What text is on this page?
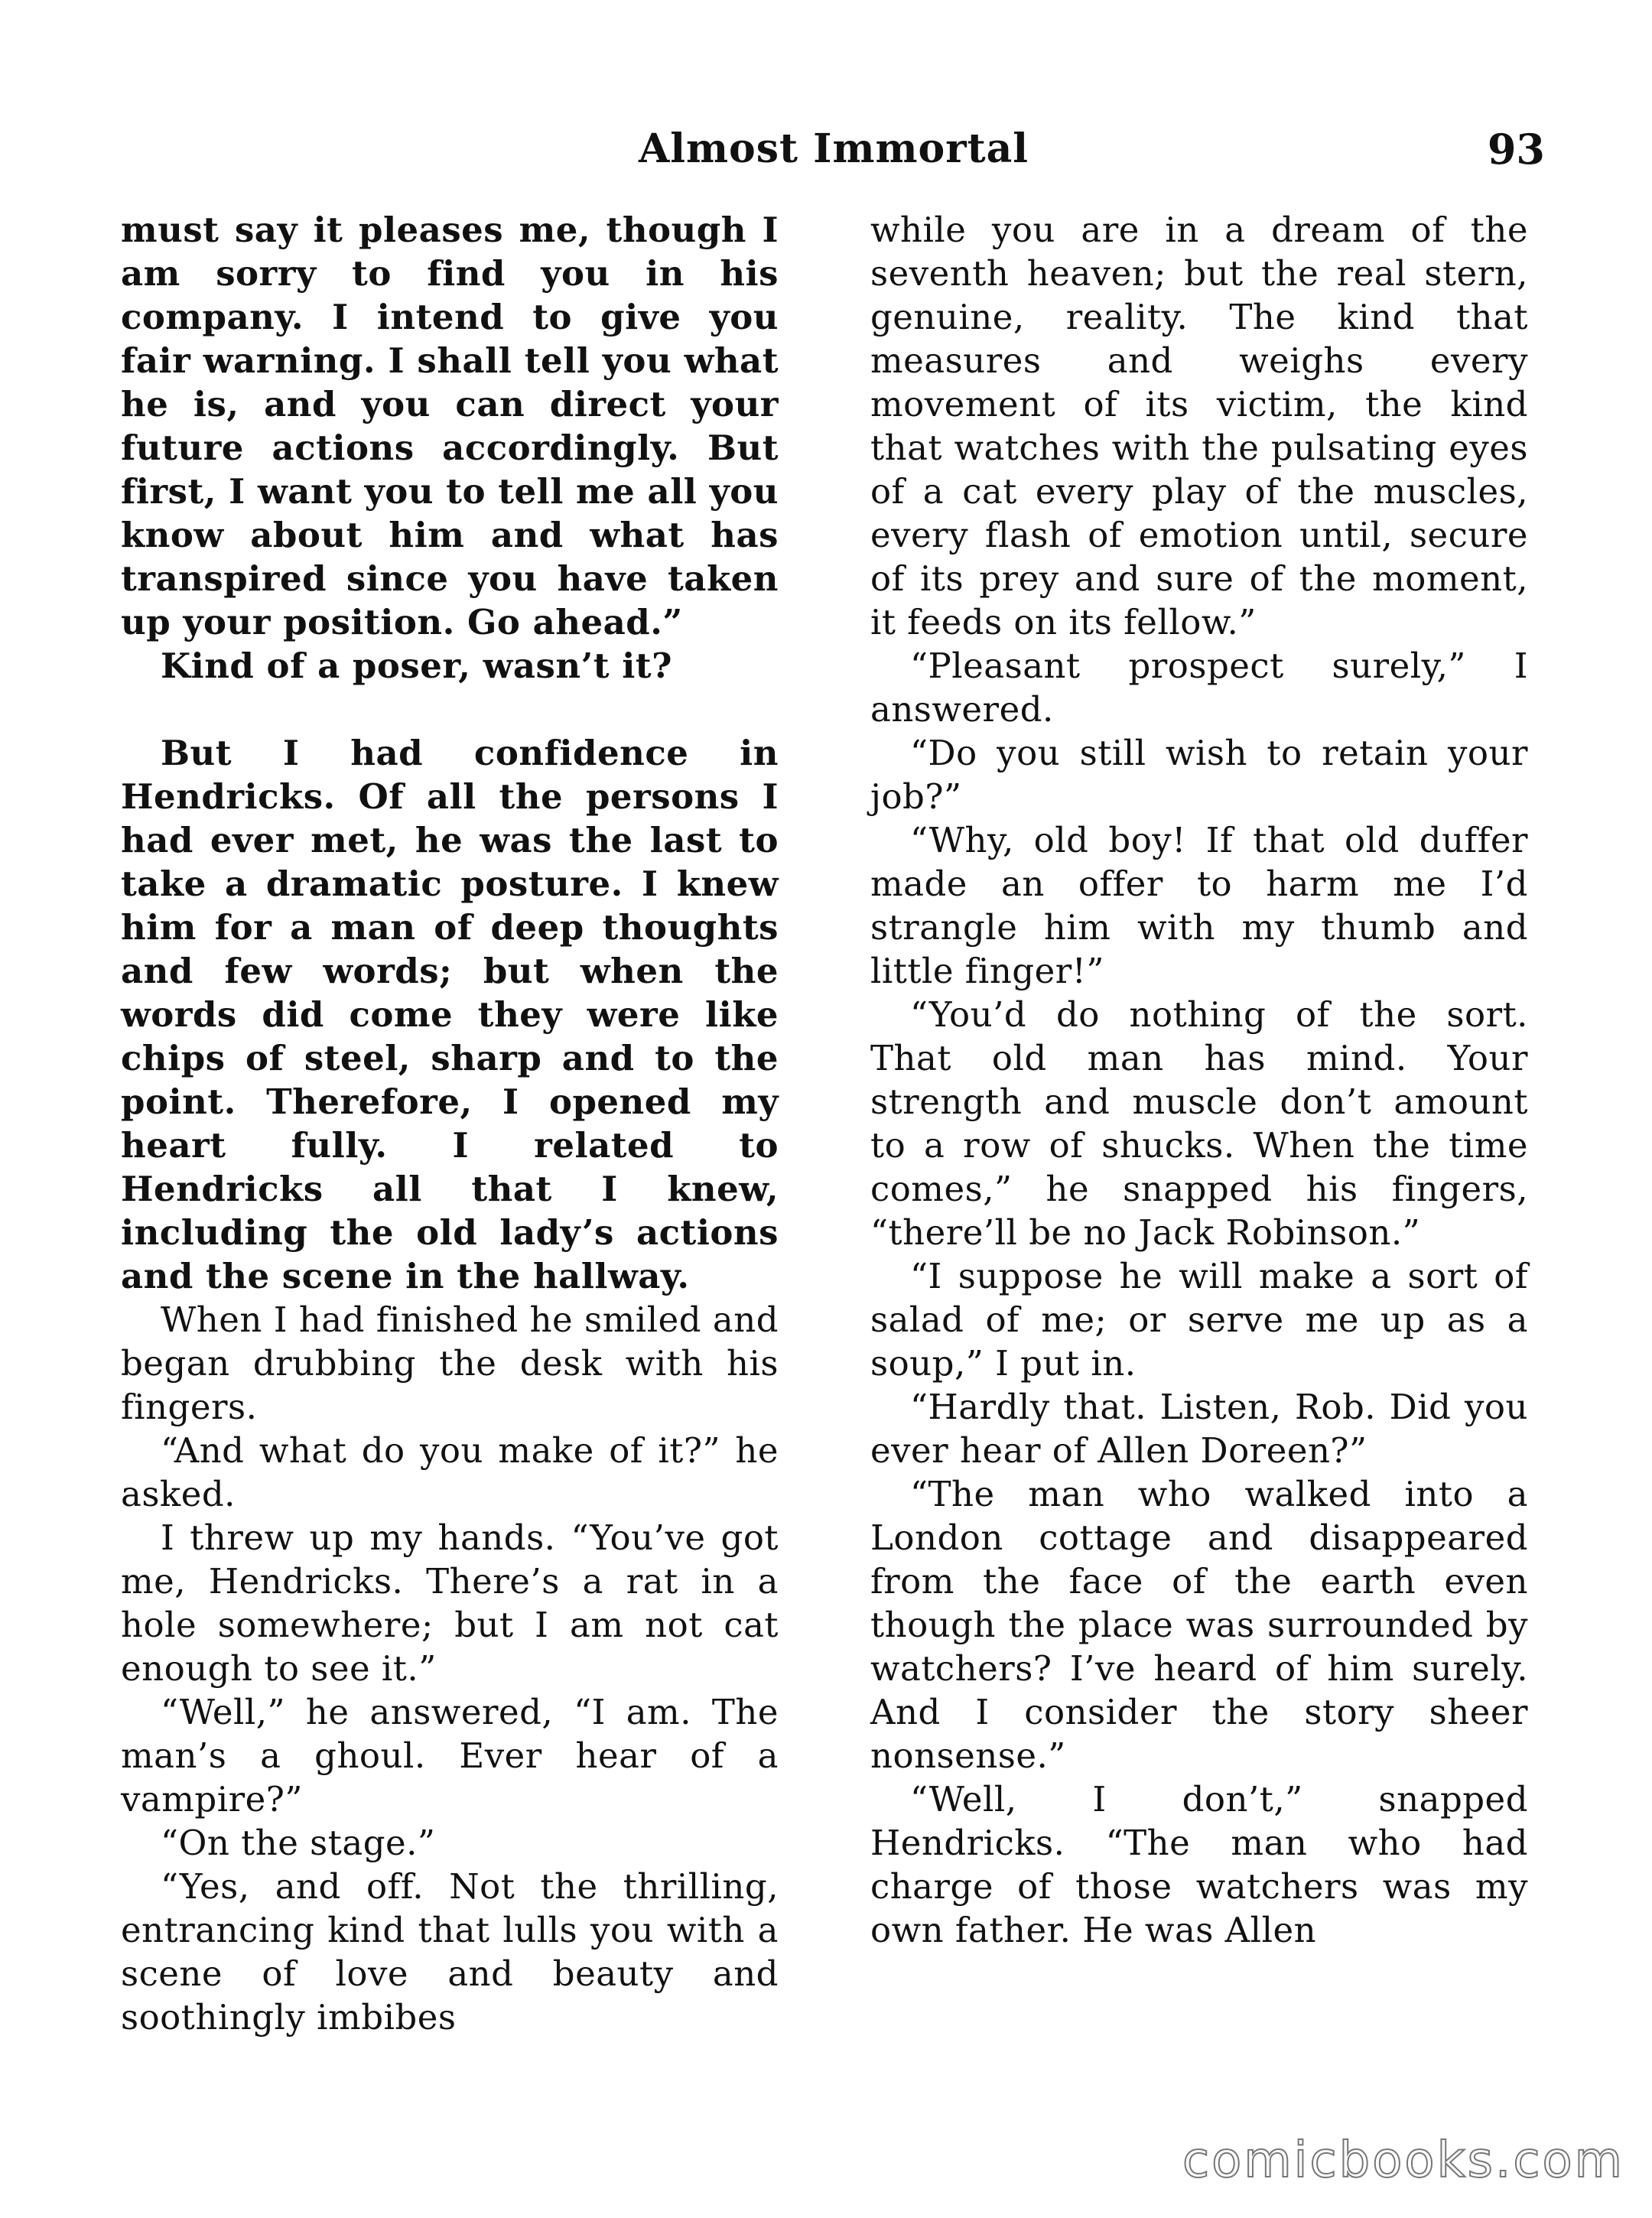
Almost Immortal	93

must say it pleases me, though I am sorry to find you in his company. I intend to give you fair warning. I shall tell you what he is, and you can direct your future actions accordingly. But first, I want you to tell me all you know about him and what has transpired since you have taken up your position. Go ahead.”

Kind of a poser, wasn’t it?

But I had confidence in Hendricks. Of all the persons I had ever met, he was the last to take a dramatic posture. I knew him for a man of deep thoughts and few words; but when the words did come they were like chips of steel, sharp and to the point. Therefore, I opened my heart fully. I related to Hendricks all that I knew, including the old lady’s actions and the scene in the hallway.

When I had finished he smiled and began drubbing the desk with his fingers.

“And what do you make of it?” he asked.

I threw up my hands. “You’ve got me, Hendricks. There’s a rat in a hole somewhere; but I am not cat enough to see it.”

“Well,” he answered, “I am. The man’s a ghoul. Ever hear of a vampire?”

“On the stage.”

“Yes, and off. Not the thrilling, entrancing kind that lulls you with a scene of love and beauty and soothingly imbibes

while you are in a dream of the seventh heaven; but the real stern, genuine, reality. The kind that measures and weighs every movement of its victim, the kind that watches with the pulsating eyes of a cat every play of the muscles, every flash of emotion until, secure of its prey and sure of the moment, it feeds on its fellow.”

“Pleasant prospect surely,” I answered.

“Do you still wish to retain your job?”

“Why, old boy! If that old duffer made an offer to harm me I’d strangle him with my thumb and little finger!”

“You’d do nothing of the sort. That old man has mind. Your strength and muscle don’t amount to a row of shucks. When the time comes,” he snapped his fingers, “there’ll be no Jack Robinson.”

“I suppose he will make a sort of salad of me; or serve me up as a soup,” I put in.

“Hardly that. Listen, Rob. Did you ever hear of Allen Doreen?”

“The man who walked into a London cottage and disappeared from the face of the earth even though the place was surrounded by watchers? I’ve heard of him surely. And I consider the story sheer nonsense.”

“Well, I don’t,” snapped Hendricks. “The man who had charge of those watchers was my own father. He was Allen

comicbooks.com
